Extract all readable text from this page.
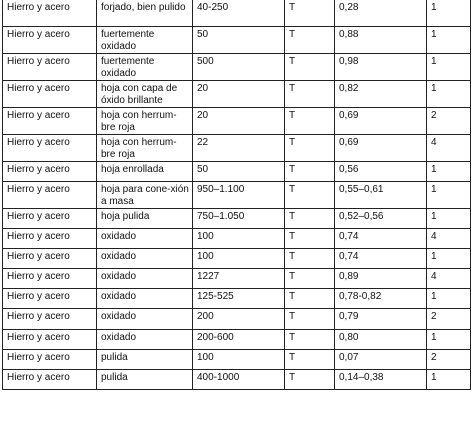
Hierro y acero	forjado, bien pulido	40-250	T	0,28	1
Hierro y acero	fuertemente oxidado	50	T	0,88	1
Hierro y acero	fuertemente oxidado	500	T	0,98	1
Hierro y acero	hoja con capa de óxido brillante	20	T	0,82	1
Hierro y acero	hoja con herrum-bre roja	20	T	0,69	2
Hierro y acero	hoja con herrum-bre roja	22	T	0,69	4
Hierro y acero	hoja enrollada	50	T	0,56	1
Hierro y acero	hoja para cone-xión a masa	950–1.100	T	0,55–0,61	1
Hierro y acero	hoja pulida	750–1.050	T	0,52–0,56	1
Hierro y acero	oxidado	100	T	0,74	4
Hierro y acero	oxidado	100	T	0,74	1
Hierro y acero	oxidado	1227	T	0,89	4
Hierro y acero	oxidado	125-525	T	0,78-0,82	1
Hierro y acero	oxidado	200	T	0,79	2
Hierro y acero	oxidado	200-600	T	0,80	1
Hierro y acero	pulida	100	T	0,07	2
Hierro y acero	pulida	400-1000	T	0,14–0,38	1
